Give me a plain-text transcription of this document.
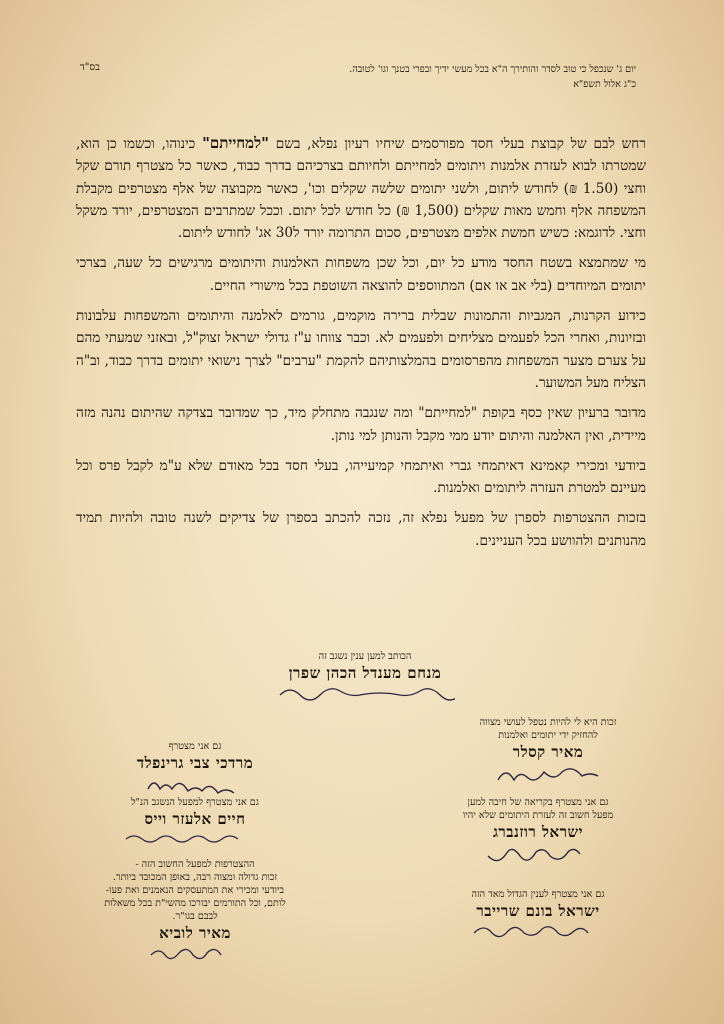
יום ג' שנכפל כי טוב לסדר והותירך ה"א בכל מעשי ידיך ובפרי בטנך וגו' לטובה.
כ"ג אלול תשפ"א
בס"ד

רחש לבם של קבוצת בעלי חסד מפורסמים שיחיו רעיון נפלא, בשם "למחייתם" כינוהו, וכשמו כן הוא, שמטרתו לבוא לעזרת אלמנות ויתומים למחייתם ולחיותם בצרכיהם בדרך כבוד, כאשר כל מצטרף תורם שקל וחצי (1.50 ₪) לחודש ליתום, ולשני יתומים שלשה שקלים וכו', כאשר מקבוצה של אלף מצטרפים מקבלת המשפחה אלף וחמש מאות שקלים (1,500 ₪) כל חודש לכל יתום. וככל שמתרבים המצטרפים, יורד משקל וחצי. לדוגמא: כשיש חמשת אלפים מצטרפים, סכום התרומה יורד ל30 אג' לחודש ליתום.

מי שמתמצא בשטח החסד מודע כל יום, וכל שכן משפחות האלמנות והיתומים מרגישים כל שעה, בצרכי יתומים המיוחדים (בלי אב או אם) המתווספים להוצאה השוטפת בכל מישורי החיים.

כידוע הקרנות, המגביות והתמונות שבלית ברירה מוקמים, גורמים לאלמנה והיתומים והמשפחות עלבונות ובזיונות, ואחרי הכל לפעמים מצליחים ולפעמים לא. וכבר צווחו ע"ז גדולי ישראל זצוק"ל, ובאזני שמעתי מהם על צערם מצער המשפחות מהפרסומים בהמלצותיהם להקמת "ערבים" לצרך נישואי יתומים בדרך כבוד, וב"ה הצליח מעל המשוער.

מדובר ברעיון שאין כסף בקופת "למחייתם" ומה שנגבה מתחלק מיד, כך שמדובר בצדקה שהיתום נהנה מזה מיידית, ואין האלמנה והיתום יודע ממי מקבל והנותן למי נותן.

ביודעי ומכירי קאמינא דאיתמחי גברי ואיתמחי קמיעייהו, בעלי חסד בכל מאודם שלא ע"מ לקבל פרס וכל מעיינם למטרת העזרה ליתומים ואלמנות.

בזכות ההצטרפות לספרן של מפעל נפלא זה, נזכה להכתב בספרן של צדיקים לשנה טובה ולהיות תמיד מהנותנים ולהוושע בכל העניינים.

הכותב למען ענין נשגב זה
מנחם מענדל הכהן שפרן
זכות היא לי להיות נטפל לעושי מצווה
להחזיק ידי יתומים ואלמנות
מאיר קסלר
גם אני מצטרף
מרדכי צבי גרינפלד
גם אני מצטרף בקריאה של חיבה למען
מפעל חשוב זה לעזרת היתומים שלא יהיו
ישראל רוזנברג
גם אני מצטרף למפעל הנשגב הנ"ל
חיים אלעזר וייס
גם אני מצטרף לענין הגדול מאד הזה
ישראל בונם שרייבר
ההצטרפות למפעל החשוב הזה -
זכות גדולה ומצוה רבה, באופן המכובד ביותר.
ביודעי ומכירי את המתעסקים הנאמנים ואת פעו-
לותם, וכל התורמים יבורכו מהשי"ת בכל משאלות
לבבם בגו"ר.
מאיר לוביא
